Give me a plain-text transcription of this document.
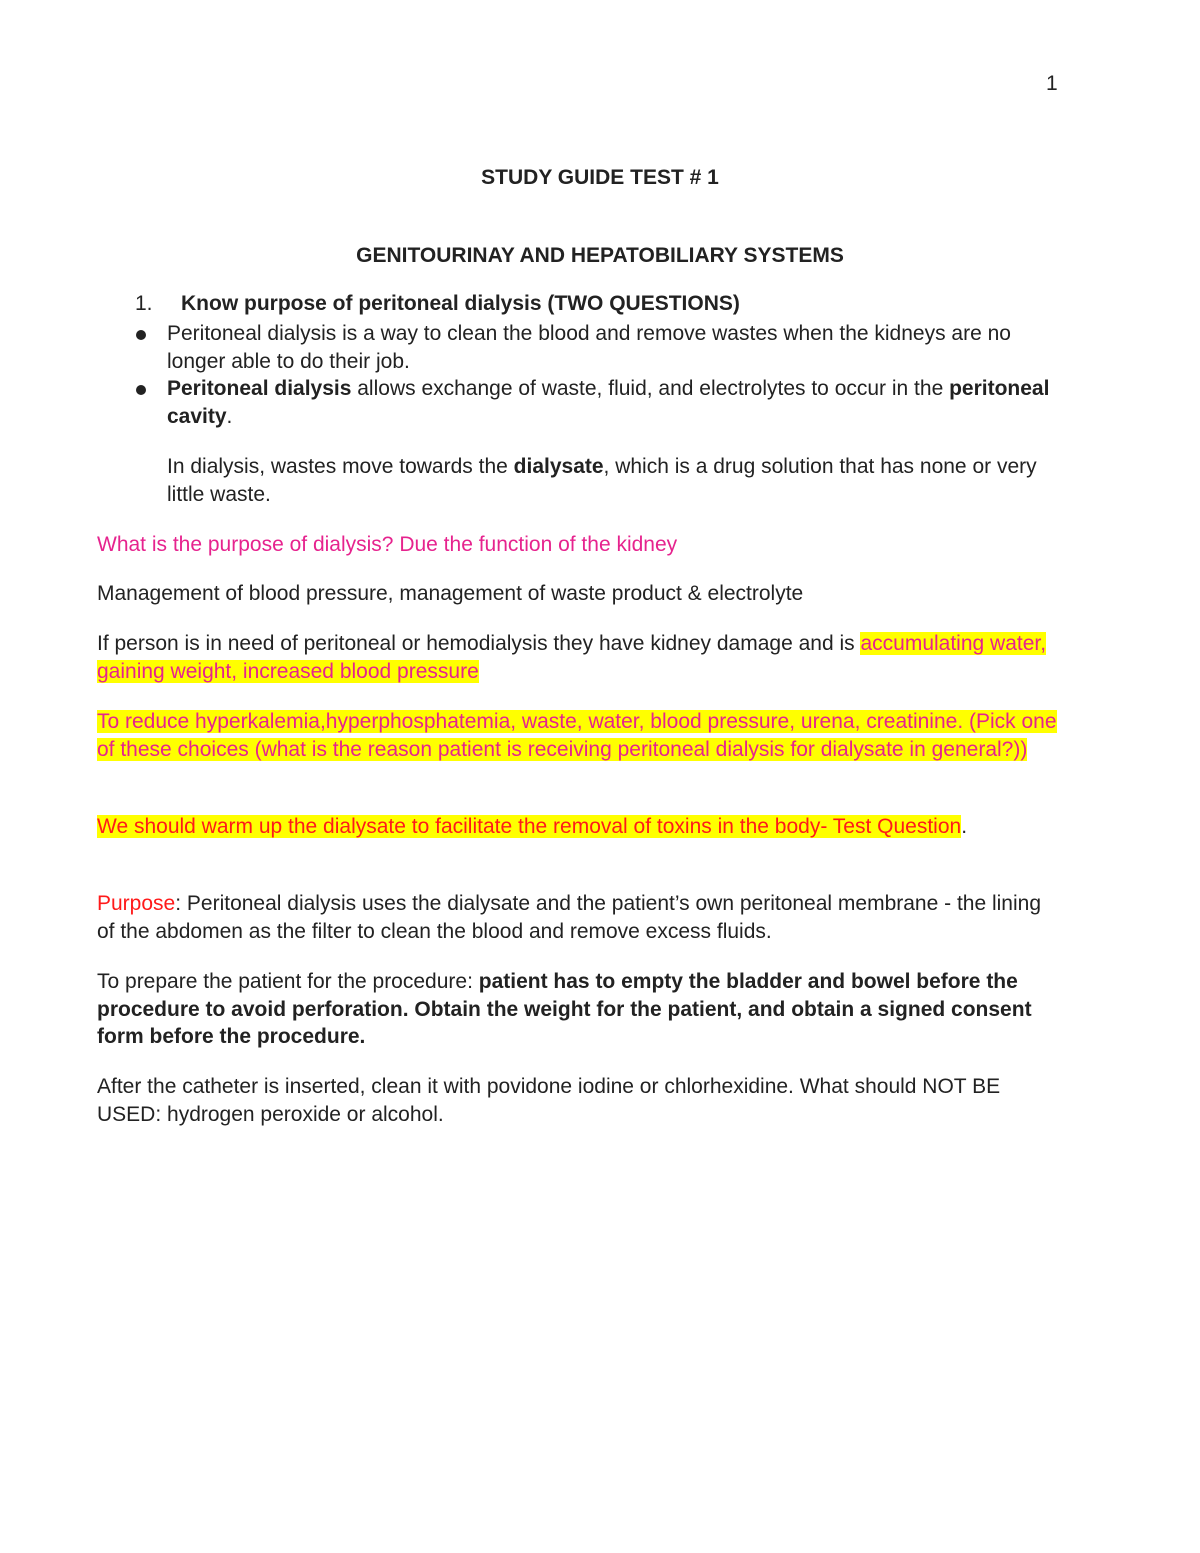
1
STUDY GUIDE TEST # 1
GENITOURINAY AND HEPATOBILIARY SYSTEMS
1. Know purpose of peritoneal dialysis (TWO QUESTIONS)
Peritoneal dialysis is a way to clean the blood and remove wastes when the kidneys are no longer able to do their job.
Peritoneal dialysis allows exchange of waste, fluid, and electrolytes to occur in the peritoneal cavity.
In dialysis, wastes move towards the dialysate, which is a drug solution that has none or very little waste.
What is the purpose of dialysis? Due the function of the kidney
Management of blood pressure, management of waste product & electrolyte
If person is in need of peritoneal or hemodialysis they have kidney damage and is accumulating water, gaining weight, increased blood pressure
To reduce hyperkalemia,hyperphosphatemia, waste, water, blood pressure, urena, creatinine. (Pick one of these choices (what is the reason patient is receiving peritoneal dialysis for dialysate in general?))
We should warm up the dialysate to facilitate the removal of toxins in the body- Test Question.
Purpose: Peritoneal dialysis uses the dialysate and the patient’s own peritoneal membrane - the lining of the abdomen as the filter to clean the blood and remove excess fluids.
To prepare the patient for the procedure: patient has to empty the bladder and bowel before the procedure to avoid perforation. Obtain the weight for the patient, and obtain a signed consent form before the procedure.
After the catheter is inserted, clean it with povidone iodine or chlorhexidine. What should NOT BE USED: hydrogen peroxide or alcohol.
